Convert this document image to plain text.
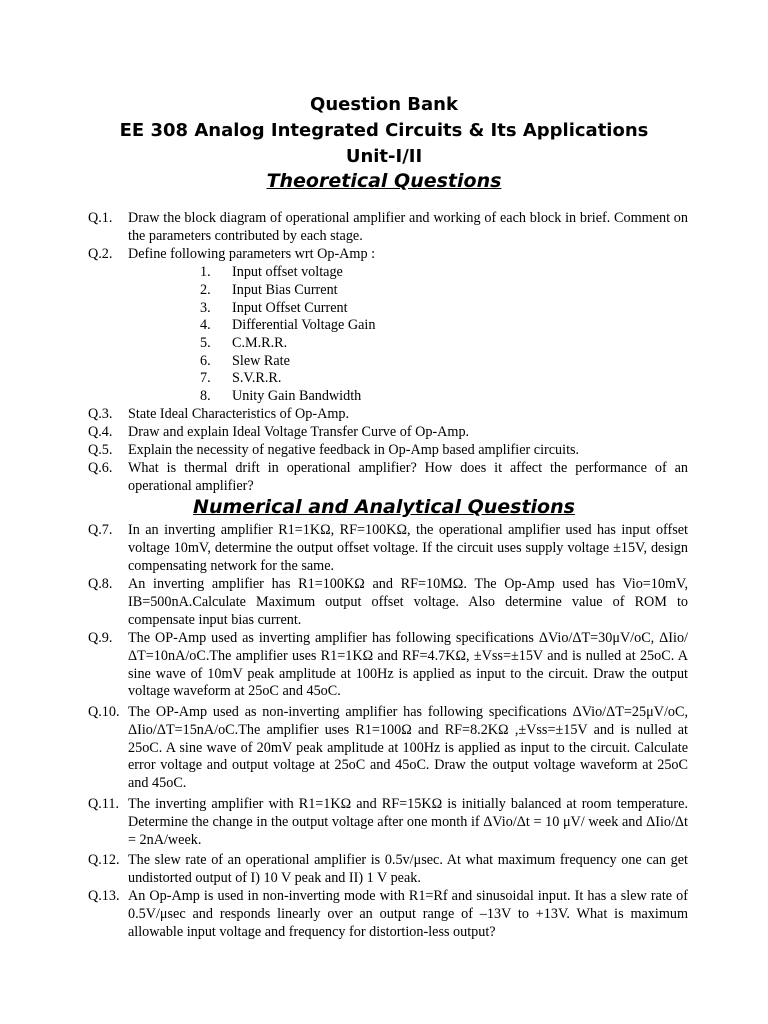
Question Bank
EE 308 Analog Integrated Circuits & Its Applications
Unit-I/II
Theoretical Questions
Q.1. Draw the block diagram of operational amplifier and working of each block in brief. Comment on the parameters contributed by each stage.
Q.2. Define following parameters wrt Op-Amp :
1. Input offset voltage
2. Input Bias Current
3. Input Offset Current
4. Differential Voltage Gain
5. C.M.R.R.
6. Slew Rate
7. S.V.R.R.
8. Unity Gain Bandwidth
Q.3. State Ideal Characteristics of Op-Amp.
Q.4. Draw and explain Ideal Voltage Transfer Curve of Op-Amp.
Q.5. Explain the necessity of negative feedback in Op-Amp based amplifier circuits.
Q.6. What is thermal drift in operational amplifier? How does it affect the performance of an operational amplifier?
Numerical and Analytical Questions
Q.7. In an inverting amplifier R1=1KΩ, RF=100KΩ, the operational amplifier used has input offset voltage 10mV, determine the output offset voltage. If the circuit uses supply voltage ±15V, design compensating network for the same.
Q.8. An inverting amplifier has R1=100KΩ and RF=10MΩ. The Op-Amp used has Vio=10mV, IB=500nA.Calculate Maximum output offset voltage. Also determine value of ROM to compensate input bias current.
Q.9. The OP-Amp used as inverting amplifier has following specifications ΔVio/ΔT=30μV/oC, ΔIio/ΔT=10nA/oC.The amplifier uses R1=1KΩ and RF=4.7KΩ, ±Vss=±15V and is nulled at 25oC. A sine wave of 10mV peak amplitude at 100Hz is applied as input to the circuit. Draw the output voltage waveform at 25oC and 45oC.
Q.10. The OP-Amp used as non-inverting amplifier has following specifications ΔVio/ΔT=25μV/oC, ΔIio/ΔT=15nA/oC.The amplifier uses R1=100Ω and RF=8.2KΩ ,±Vss=±15V and is nulled at 25oC. A sine wave of 20mV peak amplitude at 100Hz is applied as input to the circuit. Calculate error voltage and output voltage at 25oC and 45oC. Draw the output voltage waveform at 25oC and 45oC.
Q.11. The inverting amplifier with R1=1KΩ and RF=15KΩ is initially balanced at room temperature. Determine the change in the output voltage after one month if ΔVio/Δt = 10 μV/ week and ΔIio/Δt = 2nA/week.
Q.12. The slew rate of an operational amplifier is 0.5v/μsec. At what maximum frequency one can get undistorted output of I) 10 V peak and II) 1 V peak.
Q.13. An Op-Amp is used in non-inverting mode with R1=Rf and sinusoidal input. It has a slew rate of 0.5V/μsec and responds linearly over an output range of –13V to +13V. What is maximum allowable input voltage and frequency for distortion-less output?
